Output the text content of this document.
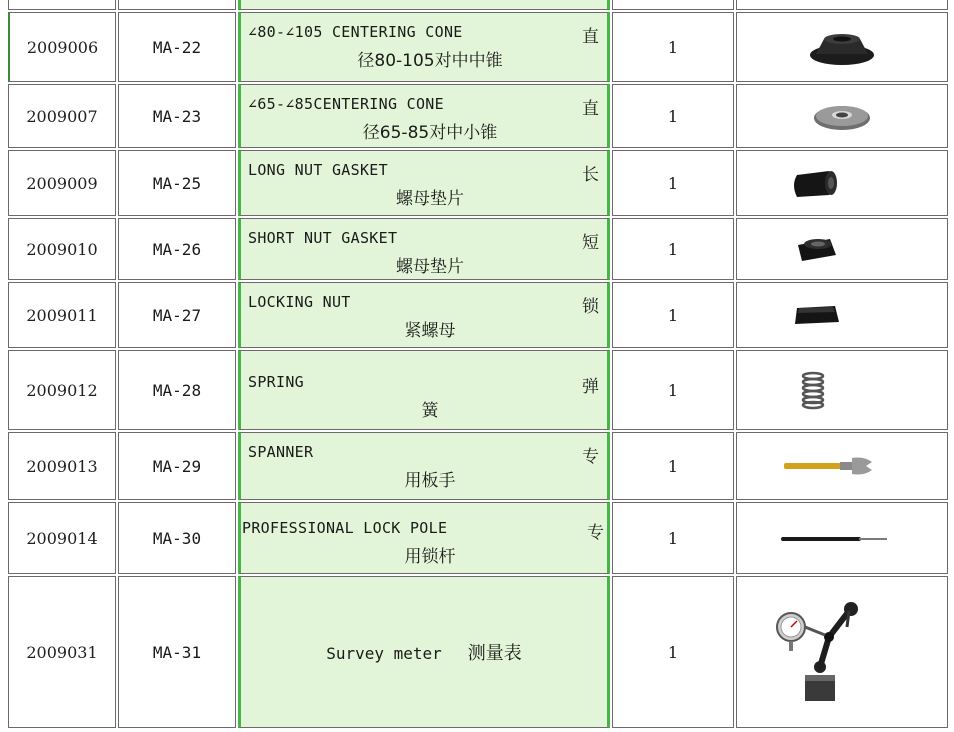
2009006	MA-22	∠80-∠105 CENTERING CONE 直
径80-105对中中锥	1	
2009007	MA-23	∠65-∠85CENTERING CONE 直
径65-85对中小锥	1	
2009009	MA-25	LONG NUT GASKET 长
螺母垫片	1	
2009010	MA-26	SHORT NUT GASKET 短
螺母垫片	1	
2009011	MA-27	LOCKING NUT 锁
紧螺母	1	
2009012	MA-28	SPRING 弹
簧	1	
2009013	MA-29	SPANNER 专
用板手	1	
2009014	MA-30	PROFESSIONAL LOCK POLE 专
用锁杆	1	
2009031	MA-31	Survey meter 测量表	1	
